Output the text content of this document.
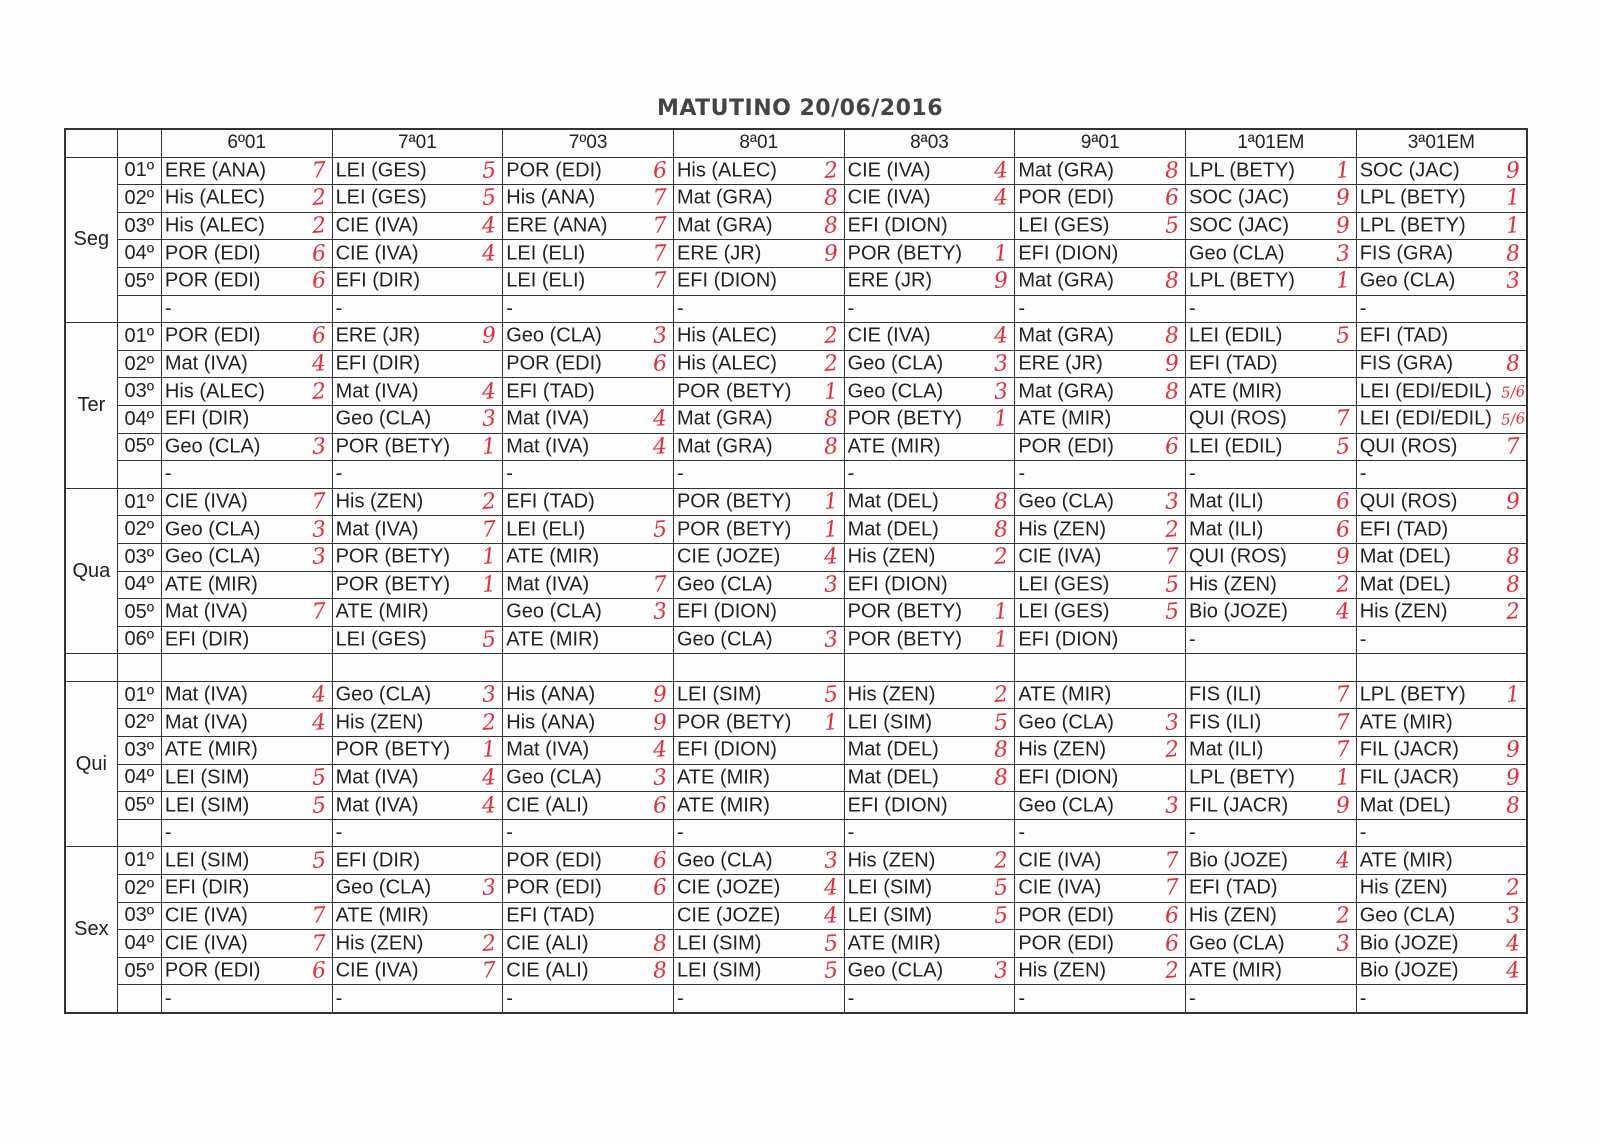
MATUTINO 20/06/2016
		6º01	7ª01	7º03	8ª01	8ª03	9ª01	1ª01EM	3ª01EM
Seg	01º	ERE (ANA) 7	LEI (GES) 5	POR (EDI) 6	His (ALEC) 2	CIE (IVA) 4	Mat (GRA) 8	LPL (BETY) 1	SOC (JAC) 9

	02º	His (ALEC) 2	LEI (GES) 5	His (ANA) 7	Mat (GRA) 8	CIE (IVA) 4	POR (EDI) 6	SOC (JAC) 9	LPL (BETY) 1

	03º	His (ALEC) 2	CIE (IVA) 4	ERE (ANA) 7	Mat (GRA) 8	EFI (DION)	LEI (GES) 5	SOC (JAC) 9	LPL (BETY) 1

	04º	POR (EDI) 6	CIE (IVA) 4	LEI (ELI) 7	ERE (JR) 9	POR (BETY) 1	EFI (DION)	Geo (CLA) 3	FIS (GRA) 8

	05º	POR (EDI) 6	EFI (DIR)	LEI (ELI) 7	EFI (DION)	ERE (JR) 9	Mat (GRA) 8	LPL (BETY) 1	Geo (CLA) 3

		-	-	-	-	-	-	-	-

Ter	01º	POR (EDI) 6	ERE (JR) 9	Geo (CLA) 3	His (ALEC) 2	CIE (IVA) 4	Mat (GRA) 8	LEI (EDIL) 5	EFI (TAD)

	02º	Mat (IVA) 4	EFI (DIR)	POR (EDI) 6	His (ALEC) 2	Geo (CLA) 3	ERE (JR) 9	EFI (TAD)	FIS (GRA) 8

	03º	His (ALEC) 2	Mat (IVA) 4	EFI (TAD)	POR (BETY) 1	Geo (CLA) 3	Mat (GRA) 8	ATE (MIR)	LEI (EDI/EDIL) 5/6

	04º	EFI (DIR)	Geo (CLA) 3	Mat (IVA) 4	Mat (GRA) 8	POR (BETY) 1	ATE (MIR)	QUI (ROS) 7	LEI (EDI/EDIL) 5/6

	05º	Geo (CLA) 3	POR (BETY) 1	Mat (IVA) 4	Mat (GRA) 8	ATE (MIR)	POR (EDI) 6	LEI (EDIL) 5	QUI (ROS) 7

		-	-	-	-	-	-	-	-

Qua	01º	CIE (IVA) 7	His (ZEN) 2	EFI (TAD)	POR (BETY) 1	Mat (DEL) 8	Geo (CLA) 3	Mat (ILI) 6	QUI (ROS) 9

	02º	Geo (CLA) 3	Mat (IVA) 7	LEI (ELI) 5	POR (BETY) 1	Mat (DEL) 8	His (ZEN) 2	Mat (ILI) 6	EFI (TAD)

	03º	Geo (CLA) 3	POR (BETY) 1	ATE (MIR)	CIE (JOZE) 4	His (ZEN) 2	CIE (IVA) 7	QUI (ROS) 9	Mat (DEL) 8

	04º	ATE (MIR)	POR (BETY) 1	Mat (IVA) 7	Geo (CLA) 3	EFI (DION)	LEI (GES) 5	His (ZEN) 2	Mat (DEL) 8

	05º	Mat (IVA) 7	ATE (MIR)	Geo (CLA) 3	EFI (DION)	POR (BETY) 1	LEI (GES) 5	Bio (JOZE) 4	His (ZEN) 2

	06º	EFI (DIR)	LEI (GES) 5	ATE (MIR)	Geo (CLA) 3	POR (BETY) 1	EFI (DION)	-	-

Qui	01º	Mat (IVA) 4	Geo (CLA) 3	His (ANA) 9	LEI (SIM) 5	His (ZEN) 2	ATE (MIR)	FIS (ILI) 7	LPL (BETY) 1

	02º	Mat (IVA) 4	His (ZEN) 2	His (ANA) 9	POR (BETY) 1	LEI (SIM) 5	Geo (CLA) 3	FIS (ILI) 7	ATE (MIR)

	03º	ATE (MIR)	POR (BETY) 1	Mat (IVA) 4	EFI (DION)	Mat (DEL) 8	His (ZEN) 2	Mat (ILI) 7	FIL (JACR) 9

	04º	LEI (SIM) 5	Mat (IVA) 4	Geo (CLA) 3	ATE (MIR)	Mat (DEL) 8	EFI (DION)	LPL (BETY) 1	FIL (JACR) 9

	05º	LEI (SIM) 5	Mat (IVA) 4	CIE (ALI) 6	ATE (MIR)	EFI (DION)	Geo (CLA) 3	FIL (JACR) 9	Mat (DEL) 8

		-	-	-	-	-	-	-	-

Sex	01º	LEI (SIM) 5	EFI (DIR)	POR (EDI) 6	Geo (CLA) 3	His (ZEN) 2	CIE (IVA) 7	Bio (JOZE) 4	ATE (MIR)

	02º	EFI (DIR)	Geo (CLA) 3	POR (EDI) 6	CIE (JOZE) 4	LEI (SIM) 5	CIE (IVA) 7	EFI (TAD)	His (ZEN) 2

	03º	CIE (IVA) 7	ATE (MIR)	EFI (TAD)	CIE (JOZE) 4	LEI (SIM) 5	POR (EDI) 6	His (ZEN) 2	Geo (CLA) 3

	04º	CIE (IVA) 7	His (ZEN) 2	CIE (ALI) 8	LEI (SIM) 5	ATE (MIR)	POR (EDI) 6	Geo (CLA) 3	Bio (JOZE) 4

	05º	POR (EDI) 6	CIE (IVA) 7	CIE (ALI) 8	LEI (SIM) 5	Geo (CLA) 3	His (ZEN) 2	ATE (MIR)	Bio (JOZE) 4

		-	-	-	-	-	-	-	-
